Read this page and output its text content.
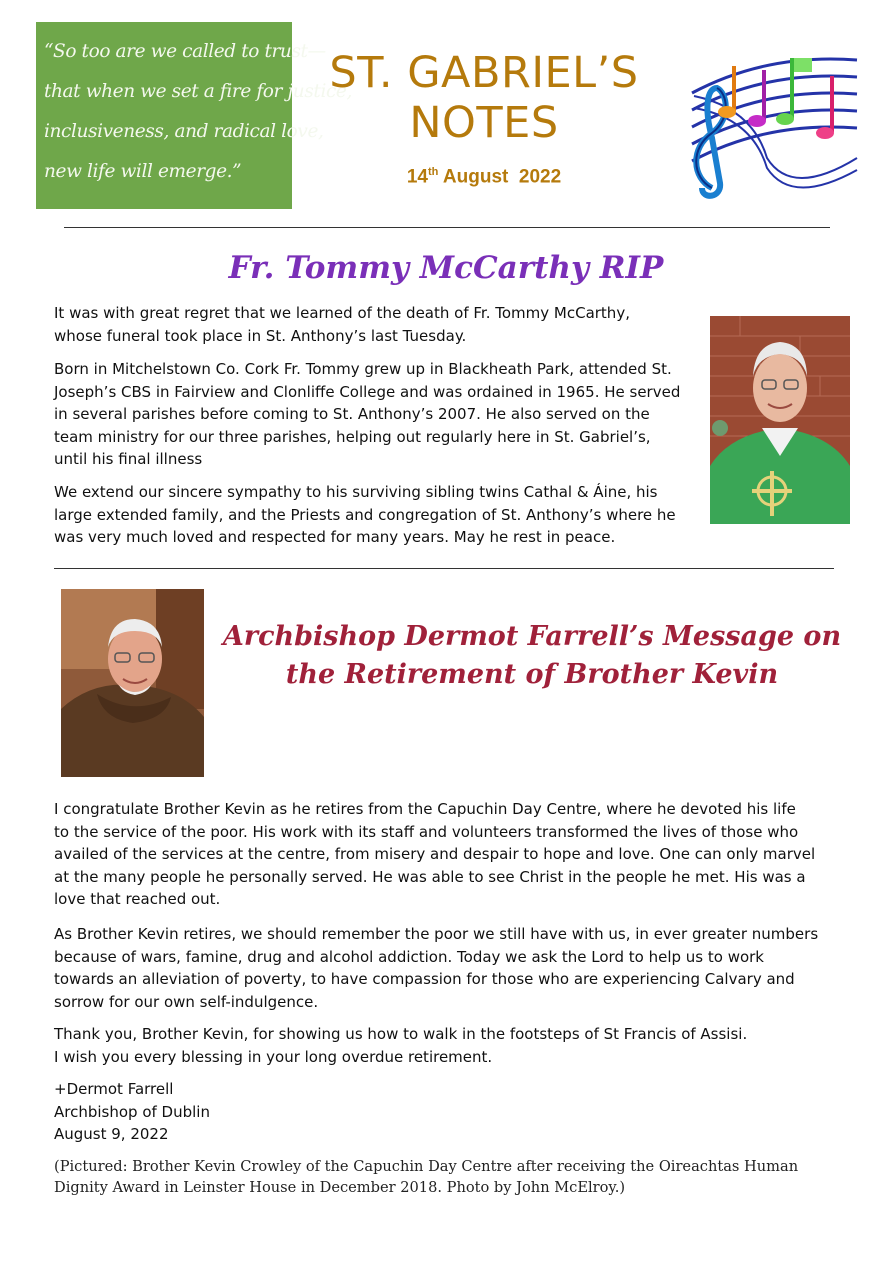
“So too are we called to trust—
that when we set a fire for justice,
inclusiveness, and radical love,
new life will emerge.”
ST. GABRIEL’S
NOTES
14th August  2022
Fr. Tommy McCarthy RIP
It was with great regret that we learned of the death of Fr. Tommy McCarthy,
whose funeral took place in St. Anthony’s last Tuesday.
Born in Mitchelstown Co. Cork Fr. Tommy grew up in Blackheath Park, attended St.
Joseph’s CBS in Fairview and Clonliffe College and was ordained in 1965. He served
in several parishes before coming to St. Anthony’s 2007. He also served on the
team ministry for our three parishes, helping out regularly here in St. Gabriel’s,
until his final illness
We extend our sincere sympathy to his surviving sibling twins Cathal & Áine, his
large extended family, and the Priests and congregation of St. Anthony’s where he
was very much loved and respected for many years. May he rest in peace.
Archbishop Dermot Farrell’s Message on
the Retirement of Brother Kevin
I congratulate Brother Kevin as he retires from the Capuchin Day Centre, where he devoted his life
to the service of the poor. His work with its staff and volunteers transformed the lives of those who
availed of the services at the centre, from misery and despair to hope and love. One can only marvel
at the many people he personally served. He was able to see Christ in the people he met. His was a
love that reached out.
As Brother Kevin retires, we should remember the poor we still have with us, in ever greater numbers
because of wars, famine, drug and alcohol addiction. Today we ask the Lord to help us to work
towards an alleviation of poverty, to have compassion for those who are experiencing Calvary and
sorrow for our own self-indulgence.
Thank you, Brother Kevin, for showing us how to walk in the footsteps of St Francis of Assisi.
I wish you every blessing in your long overdue retirement.
+Dermot Farrell
Archbishop of Dublin
August 9, 2022
(Pictured: Brother Kevin Crowley of the Capuchin Day Centre after receiving the Oireachtas Human
Dignity Award in Leinster House in December 2018. Photo by John McElroy.)
